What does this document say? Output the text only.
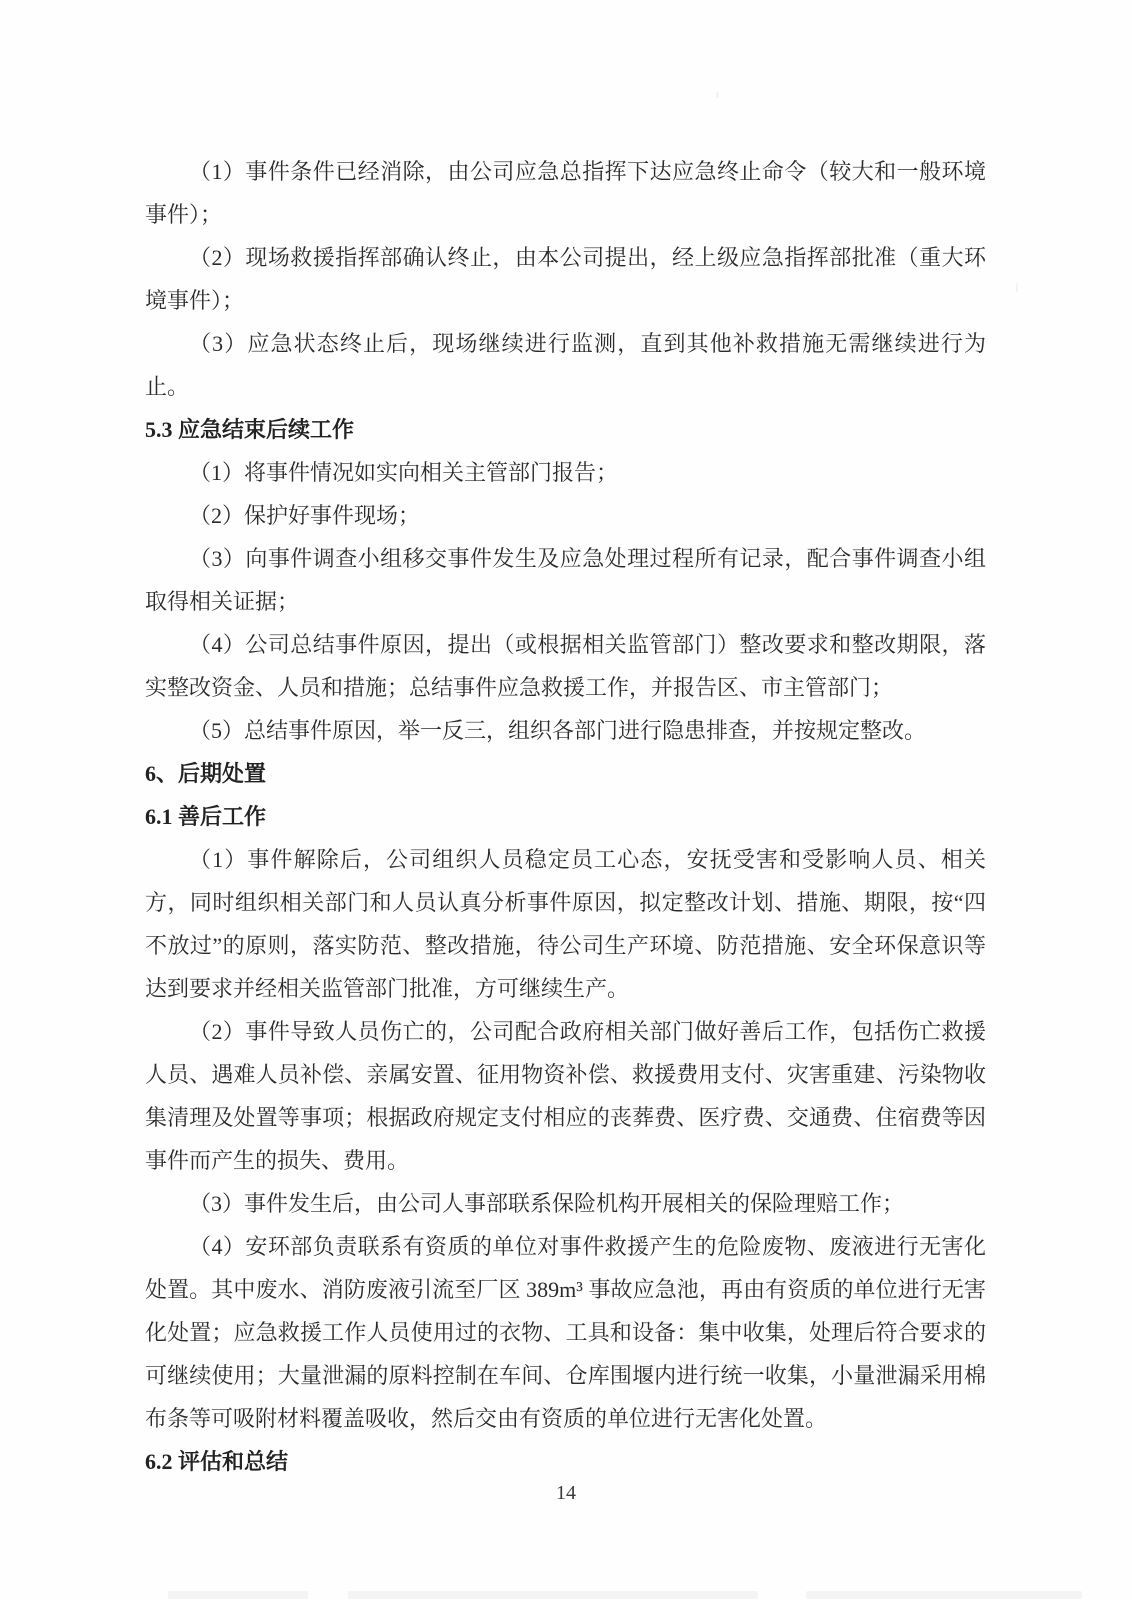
（1）事件条件已经消除，由公司应急总指挥下达应急终止命令（较大和一般环境事件）；

（2）现场救援指挥部确认终止，由本公司提出，经上级应急指挥部批准（重大环境事件）；

（3）应急状态终止后，现场继续进行监测，直到其他补救措施无需继续进行为止。

5.3 应急结束后续工作

（1）将事件情况如实向相关主管部门报告；

（2）保护好事件现场；

（3）向事件调查小组移交事件发生及应急处理过程所有记录，配合事件调查小组取得相关证据；

（4）公司总结事件原因，提出（或根据相关监管部门）整改要求和整改期限，落实整改资金、人员和措施；总结事件应急救援工作，并报告区、市主管部门；

（5）总结事件原因，举一反三，组织各部门进行隐患排查，并按规定整改。

6、后期处置

6.1 善后工作

（1）事件解除后，公司组织人员稳定员工心态，安抚受害和受影响人员、相关方，同时组织相关部门和人员认真分析事件原因，拟定整改计划、措施、期限，按“四不放过”的原则，落实防范、整改措施，待公司生产环境、防范措施、安全环保意识等达到要求并经相关监管部门批准，方可继续生产。

（2）事件导致人员伤亡的，公司配合政府相关部门做好善后工作，包括伤亡救援人员、遇难人员补偿、亲属安置、征用物资补偿、救援费用支付、灾害重建、污染物收集清理及处置等事项；根据政府规定支付相应的丧葬费、医疗费、交通费、住宿费等因事件而产生的损失、费用。

（3）事件发生后，由公司人事部联系保险机构开展相关的保险理赔工作；

（4）安环部负责联系有资质的单位对事件救援产生的危险废物、废液进行无害化处置。其中废水、消防废液引流至厂区 389m³ 事故应急池，再由有资质的单位进行无害化处置；应急救援工作人员使用过的衣物、工具和设备：集中收集，处理后符合要求的可继续使用；大量泄漏的原料控制在车间、仓库围堰内进行统一收集，小量泄漏采用棉布条等可吸附材料覆盖吸收，然后交由有资质的单位进行无害化处置。

6.2 评估和总结

14
